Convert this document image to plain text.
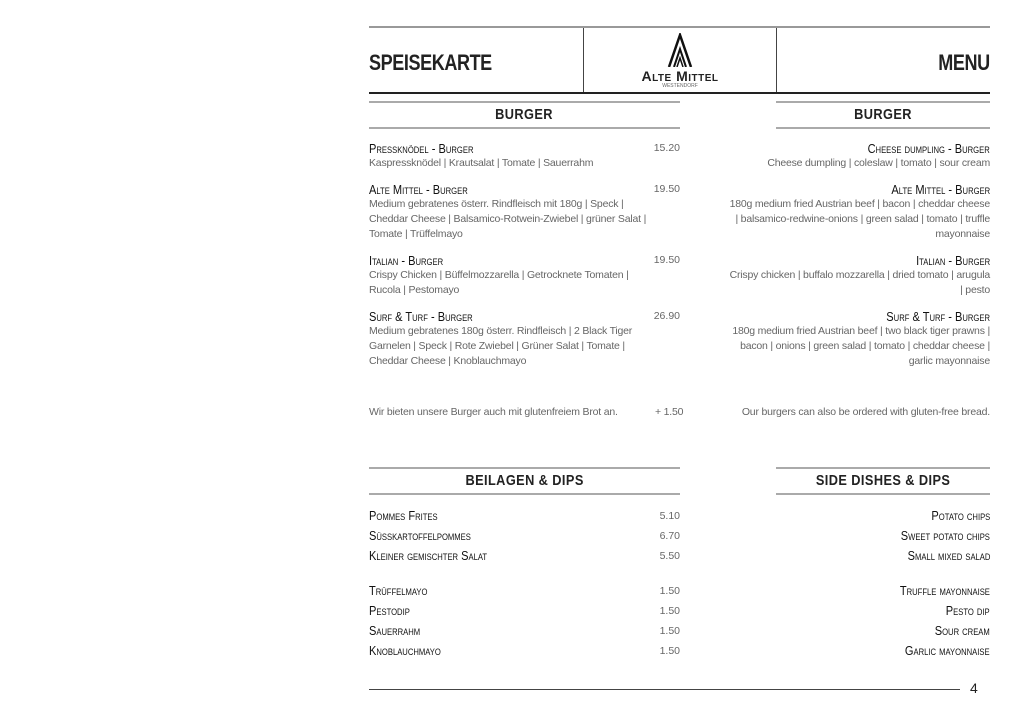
SPEISEKARTE
Alte Mittel
WESTENDORF
MENU
BURGER	BURGER
Pressknödel - Burger	15.20
Kaspressknödel | Krautsalat | Tomate | Sauerrahm
Alte Mittel - Burger	19.50
Medium gebratenes österr. Rindfleisch mit 180g | Speck |
Cheddar Cheese | Balsamico-Rotwein-Zwiebel | grüner Salat |
Tomate | Trüffelmayo
Italian - Burger	19.50
Crispy Chicken | Büffelmozzarella | Getrocknete Tomaten |
Rucola | Pestomayo
Surf & Turf - Burger	26.90
Medium gebratenes 180g österr. Rindfleisch | 2 Black Tiger
Garnelen | Speck | Rote Zwiebel | Grüner Salat | Tomate |
Cheddar Cheese | Knoblauchmayo
Cheese dumpling - Burger
Cheese dumpling | coleslaw | tomato | sour cream
Alte Mittel - Burger
180g medium fried Austrian beef | bacon | cheddar cheese
| balsamico-redwine-onions | green salad | tomato | truffle
mayonnaise
Italian - Burger
Crispy chicken | buffalo mozzarella | dried tomato | arugula
| pesto
Surf & Turf - Burger
180g medium fried Austrian beef | two black tiger prawns |
bacon | onions | green salad | tomato | cheddar cheese |
garlic mayonnaise
Wir bieten unsere Burger auch mit glutenfreiem Brot an.	+ 1.50	Our burgers can also be ordered with gluten-free bread.
BEILAGEN & DIPS	SIDE DISHES & DIPS
Pommes Frites	5.10
Süsskartoffelpommes	6.70
Kleiner gemischter Salat	5.50
Trüffelmayo	1.50
Pestodip	1.50
Sauerrahm	1.50
Knoblauchmayo	1.50
Potato chips
Sweet potato chips
Small mixed salad
Truffle mayonnaise
Pesto dip
Sour cream
Garlic mayonnaise
4
